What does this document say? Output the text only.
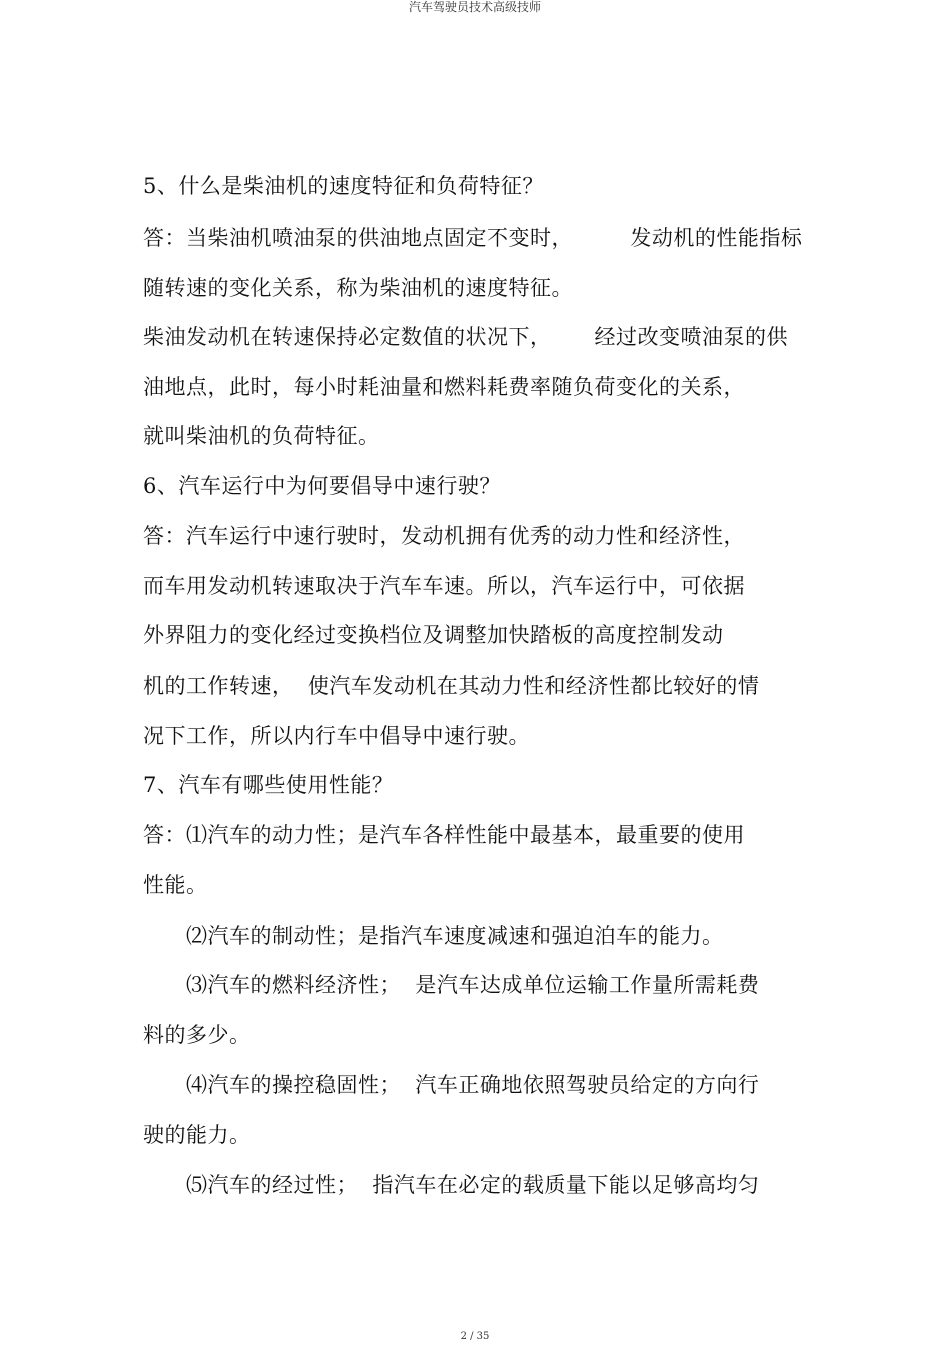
汽车驾驶员技术高级技师
5、什么是柴油机的速度特征和负荷特征？
答：当柴油机喷油泵的供油地点固定不变时，        发动机的性能指标
随转速的变化关系，称为柴油机的速度特征。
柴油发动机在转速保持必定数值的状况下，      经过改变喷油泵的供
油地点，此时，每小时耗油量和燃料耗费率随负荷变化的关系，
就叫柴油机的负荷特征。
6、汽车运行中为何要倡导中速行驶？
答：汽车运行中速行驶时，发动机拥有优秀的动力性和经济性，
而车用发动机转速取决于汽车车速。所以，汽车运行中，可依据
外界阻力的变化经过变换档位及调整加快踏板的高度控制发动
机的工作转速，  使汽车发动机在其动力性和经济性都比较好的情
况下工作，所以内行车中倡导中速行驶。
7、汽车有哪些使用性能？
答：⑴汽车的动力性；是汽车各样性能中最基本，最重要的使用
性能。
⑵汽车的制动性；是指汽车速度减速和强迫泊车的能力。
⑶汽车的燃料经济性；  是汽车达成单位运输工作量所需耗费
料的多少。
⑷汽车的操控稳固性；  汽车正确地依照驾驶员给定的方向行
驶的能力。
⑸汽车的经过性；  指汽车在必定的载质量下能以足够高均匀
2 / 35
